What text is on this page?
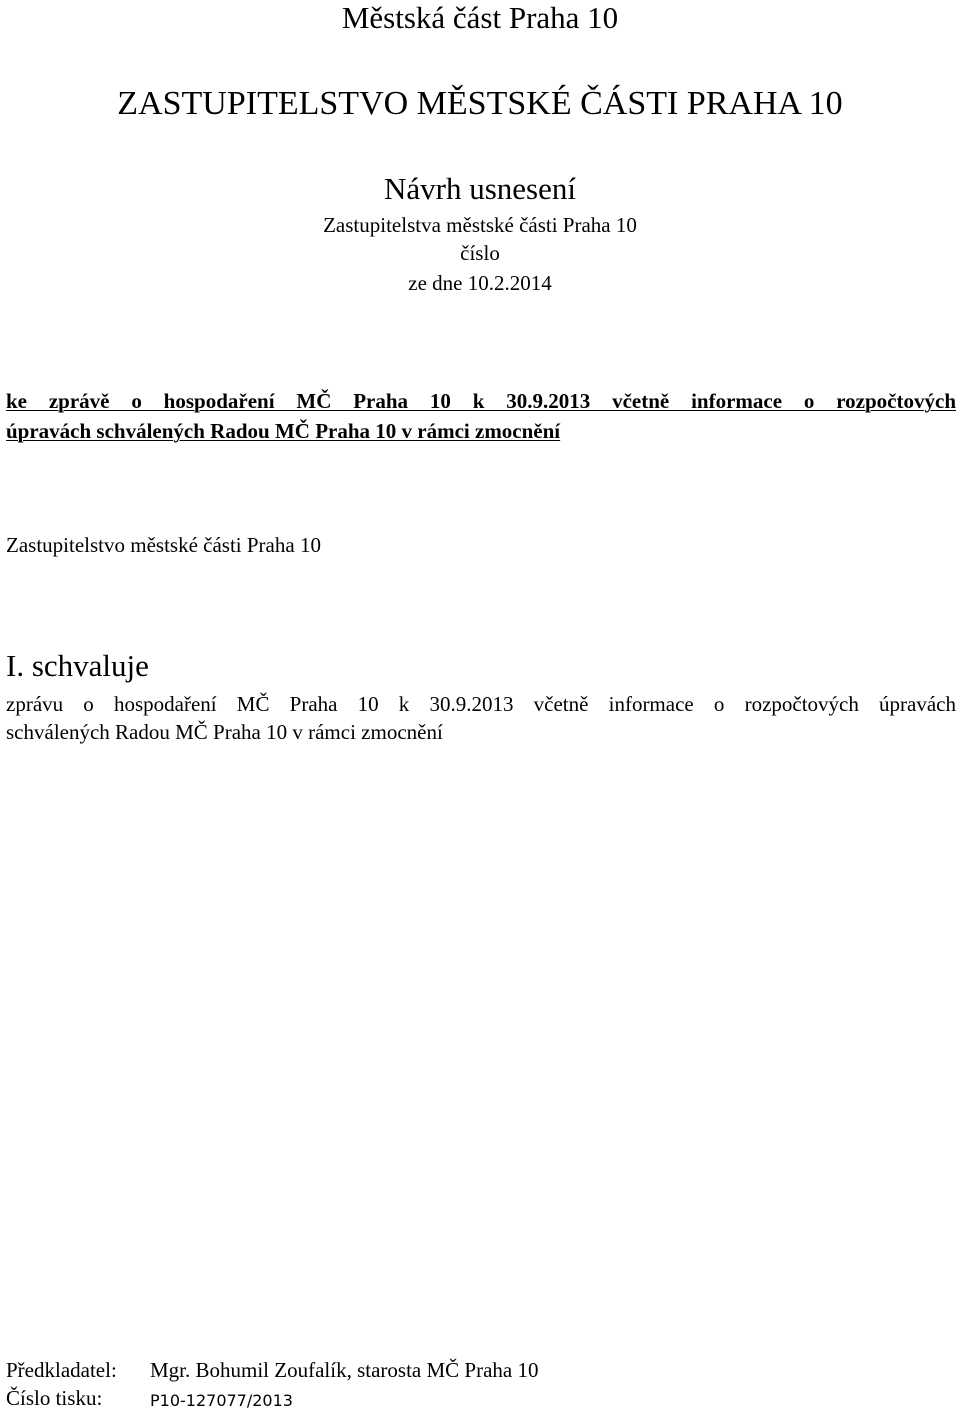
Městská část Praha 10
ZASTUPITELSTVO MĚSTSKÉ ČÁSTI PRAHA 10
Návrh usnesení
Zastupitelstva městské části Praha 10
číslo
ze dne 10.2.2014
ke zprávě o hospodaření MČ Praha 10 k 30.9.2013 včetně informace o rozpočtových
úpravách schválených Radou MČ Praha 10 v rámci zmocnění
Zastupitelstvo městské části Praha 10
I. schvaluje
zprávu o hospodaření MČ Praha 10 k 30.9.2013 včetně informace o rozpočtových úpravách
schválených Radou MČ Praha 10 v rámci zmocnění
Předkladatel:	Mgr. Bohumil Zoufalík, starosta MČ Praha 10
Číslo tisku:	P10-127077/2013
